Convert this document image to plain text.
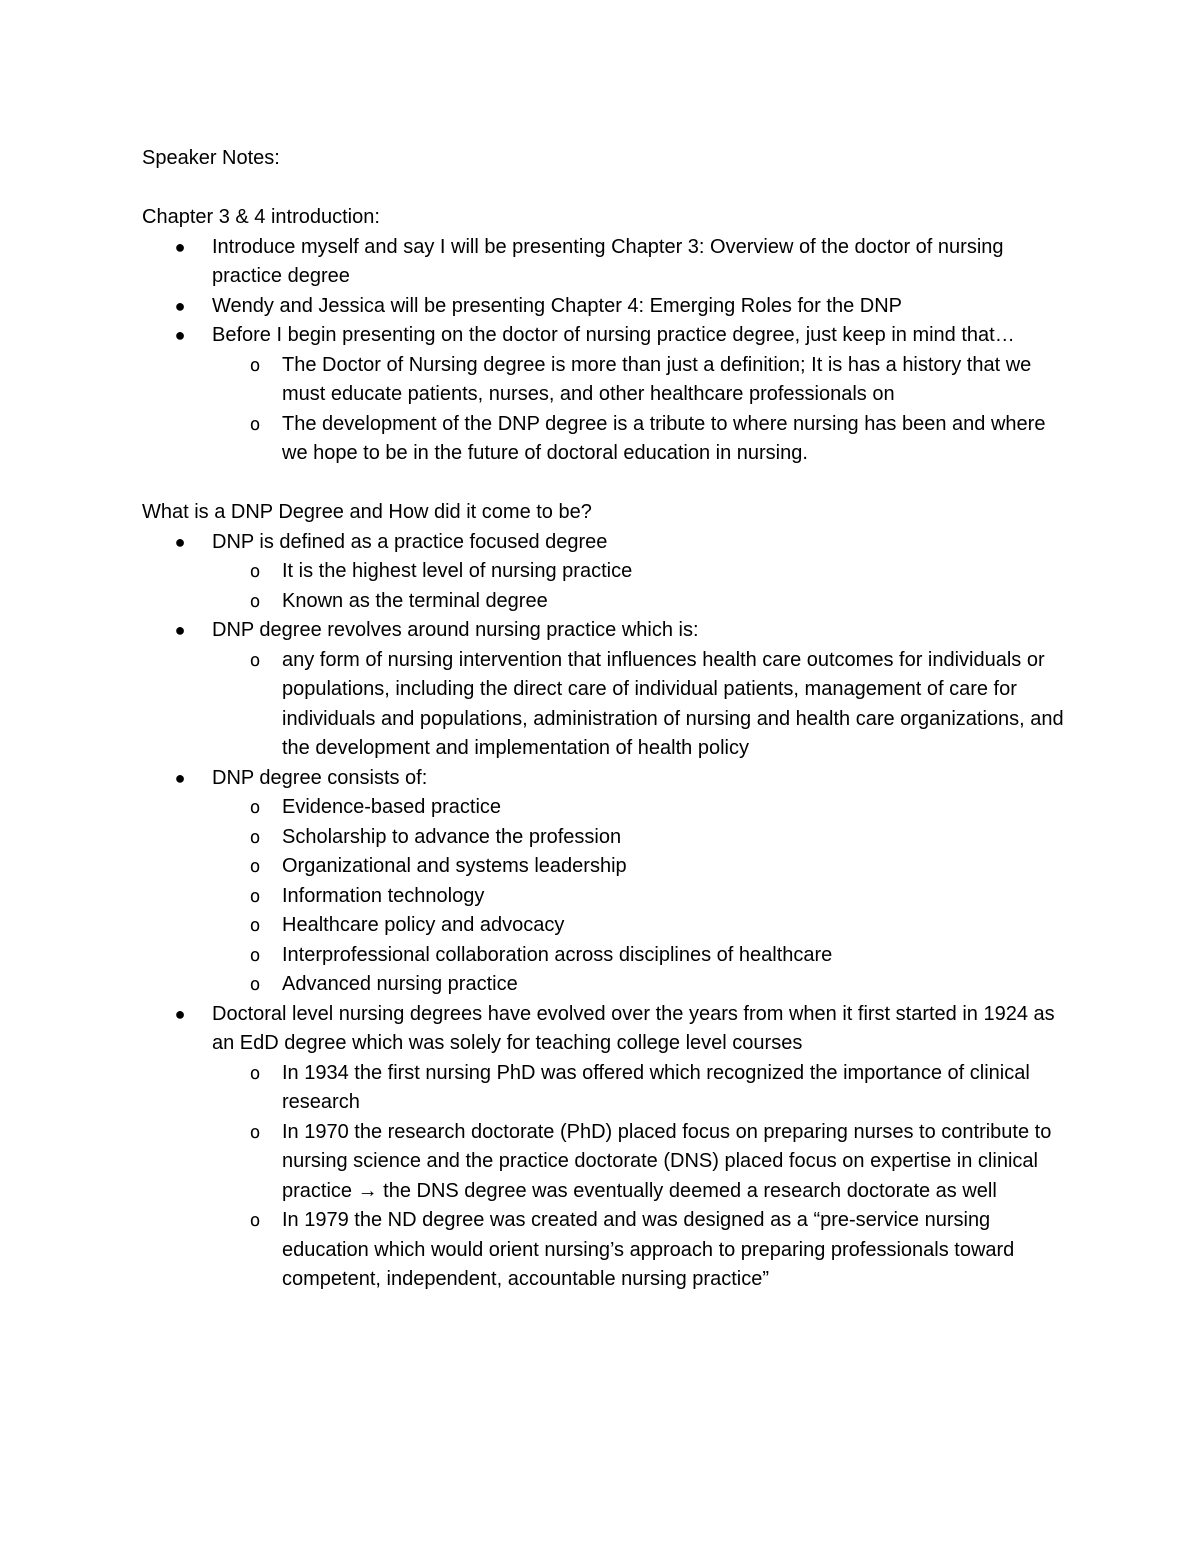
Speaker Notes:

Chapter 3 & 4 introduction:

● Introduce myself and say I will be presenting Chapter 3: Overview of the doctor of nursing practice degree
● Wendy and Jessica will be presenting Chapter 4: Emerging Roles for the DNP
● Before I begin presenting on the doctor of nursing practice degree, just keep in mind that…
o The Doctor of Nursing degree is more than just a definition; It is has a history that we must educate patients, nurses, and other healthcare professionals on
o The development of the DNP degree is a tribute to where nursing has been and where we hope to be in the future of doctoral education in nursing.

What is a DNP Degree and How did it come to be?

● DNP is defined as a practice focused degree
o It is the highest level of nursing practice
o Known as the terminal degree
● DNP degree revolves around nursing practice which is:
o any form of nursing intervention that influences health care outcomes for individuals or populations, including the direct care of individual patients, management of care for individuals and populations, administration of nursing and health care organizations, and the development and implementation of health policy
● DNP degree consists of:
o Evidence-based practice
o Scholarship to advance the profession
o Organizational and systems leadership
o Information technology
o Healthcare policy and advocacy
o Interprofessional collaboration across disciplines of healthcare
o Advanced nursing practice
● Doctoral level nursing degrees have evolved over the years from when it first started in 1924 as an EdD degree which was solely for teaching college level courses
o In 1934 the first nursing PhD was offered which recognized the importance of clinical research
o In 1970 the research doctorate (PhD) placed focus on preparing nurses to contribute to nursing science and the practice doctorate (DNS) placed focus on expertise in clinical practice → the DNS degree was eventually deemed a research doctorate as well
o In 1979 the ND degree was created and was designed as a “pre-service nursing education which would orient nursing’s approach to preparing professionals toward competent, independent, accountable nursing practice”
